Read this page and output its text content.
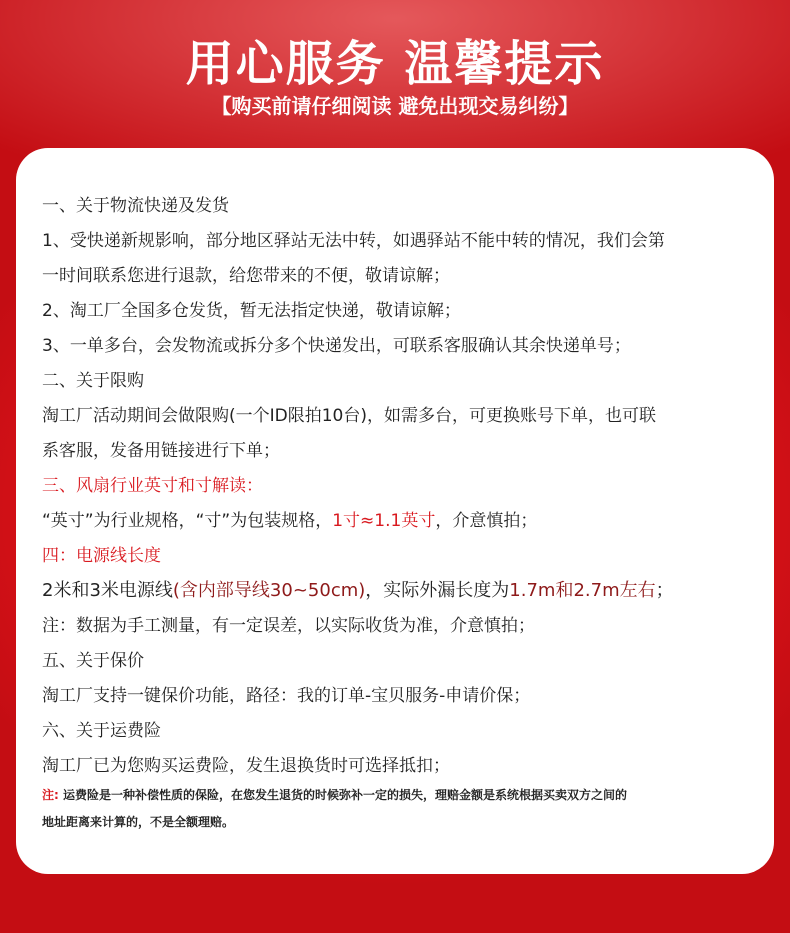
用心服务 温馨提示
【购买前请仔细阅读 避免出现交易纠纷】
一、关于物流快递及发货
1、受快递新规影响，部分地区驿站无法中转，如遇驿站不能中转的情况，我们会第
一时间联系您进行退款，给您带来的不便，敬请谅解；
2、淘工厂全国多仓发货，暂无法指定快递，敬请谅解；
3、一单多台，会发物流或拆分多个快递发出，可联系客服确认其余快递单号；
二、关于限购
淘工厂活动期间会做限购(一个ID限拍10台)，如需多台，可更换账号下单，也可联
系客服，发备用链接进行下单；
三、风扇行业英寸和寸解读：
“英寸”为行业规格，“寸”为包装规格，1寸≈1.1英寸，介意慎拍；
四：电源线长度
2米和3米电源线(含内部导线30~50cm)，实际外漏长度为1.7m和2.7m左右；
注：数据为手工测量，有一定误差，以实际收货为准，介意慎拍；
五、关于保价
淘工厂支持一键保价功能，路径：我的订单-宝贝服务-申请价保；
六、关于运费险
淘工厂已为您购买运费险，发生退换货时可选择抵扣；
注: 运费险是一种补偿性质的保险，在您发生退货的时候弥补一定的损失，理赔金额是系统根据买卖双方之间的
地址距离来计算的，不是全额理赔。
